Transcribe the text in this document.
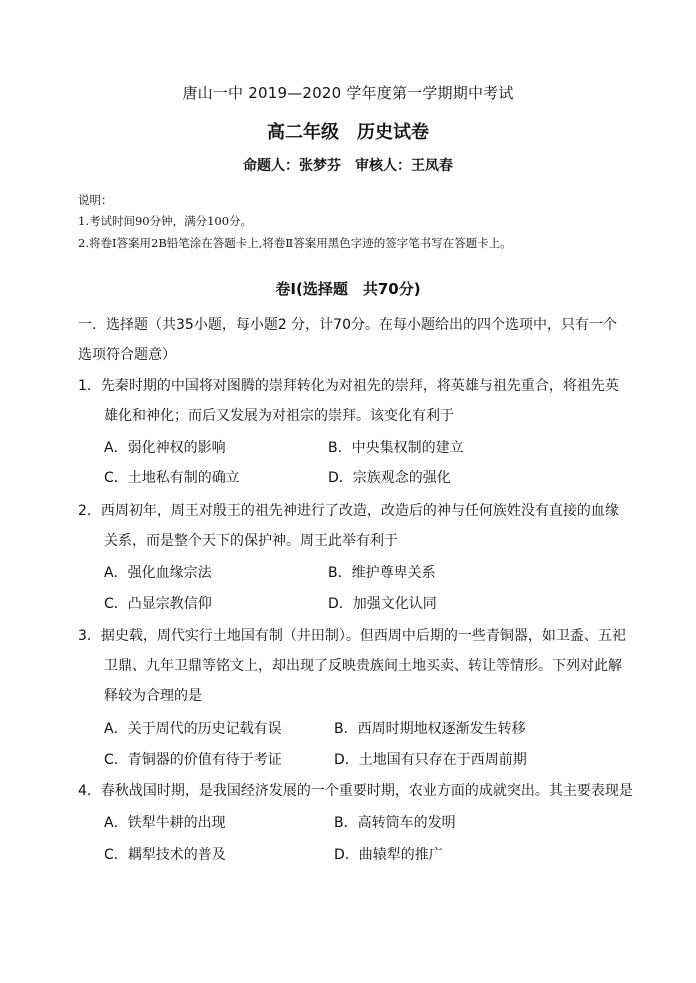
唐山一中 2019—2020 学年度第一学期期中考试
高二年级　历史试卷
命题人：张梦芬　审核人：王凤春
说明：
1.考试时间90分钟，满分100分。
2.将卷Ⅰ答案用2B铅笔涂在答题卡上,将卷Ⅱ答案用黑色字迹的签字笔书写在答题卡上。
卷Ⅰ(选择题　共70分)
一．选择题（共35小题，每小题2 分，计70分。在每小题给出的四个选项中，只有一个
选项符合题意）
1．先秦时期的中国将对图腾的崇拜转化为对祖先的崇拜，将英雄与祖先重合，将祖先英
雄化和神化；而后又发展为对祖宗的崇拜。该变化有利于
A．弱化神权的影响	B．中央集权制的建立
C．土地私有制的确立	D．宗族观念的强化
2．西周初年，周王对殷王的祖先神进行了改造，改造后的神与任何族姓没有直接的血缘
关系，而是整个天下的保护神。周王此举有利于
A．强化血缘宗法	B．维护尊卑关系
C．凸显宗教信仰	D．加强文化认同
3．据史载，周代实行土地国有制（井田制）。但西周中后期的一些青铜器，如卫盉、五祀
卫鼎、九年卫鼎等铭文上，却出现了反映贵族间土地买卖、转让等情形。下列对此解
释较为合理的是
A．关于周代的历史记载有误	B．西周时期地权逐渐发生转移
C．青铜器的价值有待于考证	D．土地国有只存在于西周前期
4．春秋战国时期，是我国经济发展的一个重要时期，农业方面的成就突出。其主要表现是
A．铁犁牛耕的出现	B．高转筒车的发明
C．耦犁技术的普及	D．曲辕犁的推广
